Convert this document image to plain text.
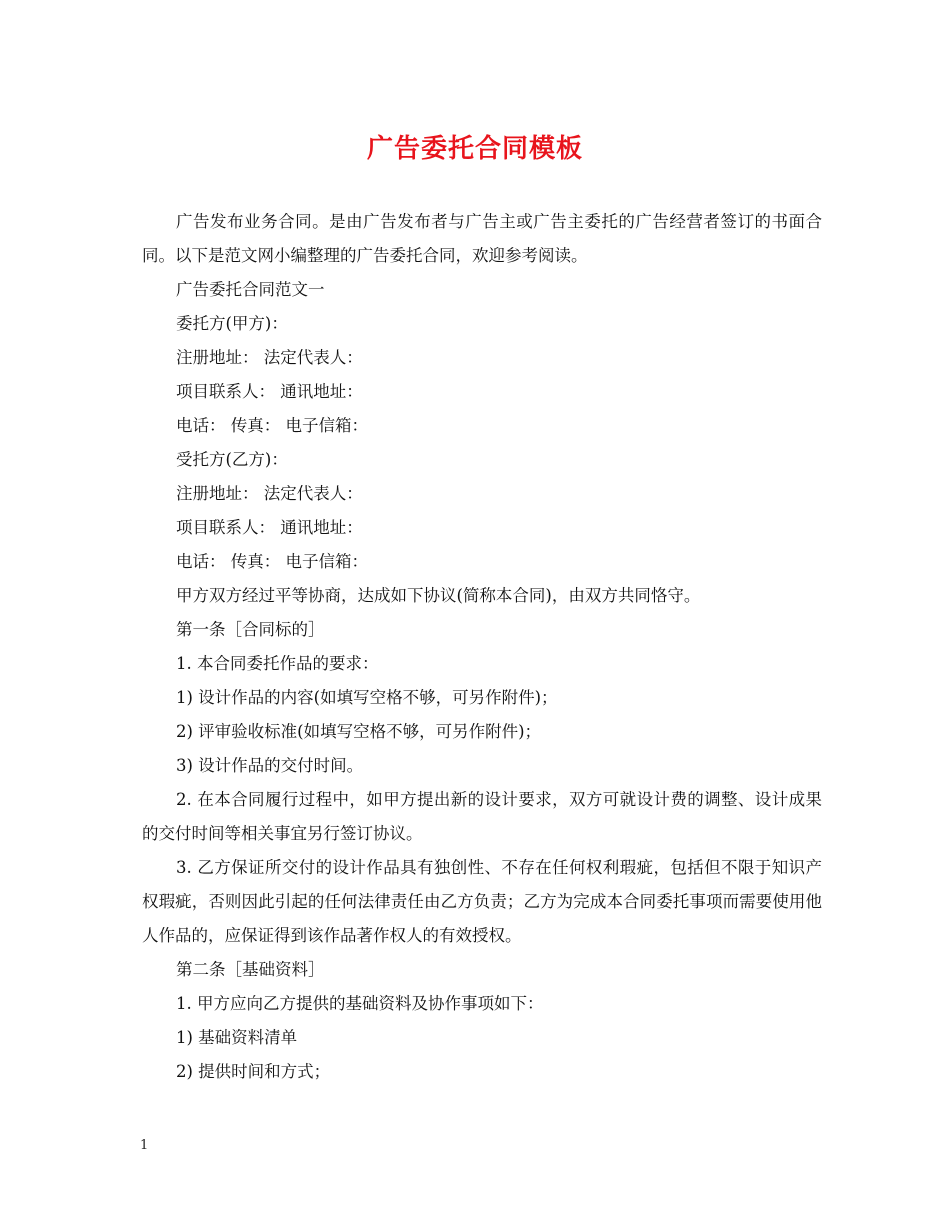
广告委托合同模板

广告发布业务合同。是由广告发布者与广告主或广告主委托的广告经营者签订的书面合同。以下是范文网小编整理的广告委托合同，欢迎参考阅读。

广告委托合同范文一

委托方(甲方)：

注册地址： 法定代表人：

项目联系人： 通讯地址：

电话： 传真： 电子信箱：

受托方(乙方)：

注册地址： 法定代表人：

项目联系人： 通讯地址：

电话： 传真： 电子信箱：

甲方双方经过平等协商，达成如下协议(简称本合同)，由双方共同恪守。

第一条［合同标的］

1. 本合同委托作品的要求：

1) 设计作品的内容(如填写空格不够，可另作附件)；

2) 评审验收标准(如填写空格不够，可另作附件)；

3) 设计作品的交付时间。

2. 在本合同履行过程中，如甲方提出新的设计要求，双方可就设计费的调整、设计成果的交付时间等相关事宜另行签订协议。

3. 乙方保证所交付的设计作品具有独创性、不存在任何权利瑕疵，包括但不限于知识产权瑕疵，否则因此引起的任何法律责任由乙方负责；乙方为完成本合同委托事项而需要使用他人作品的，应保证得到该作品著作权人的有效授权。

第二条［基础资料］

1. 甲方应向乙方提供的基础资料及协作事项如下：

1) 基础资料清单

2) 提供时间和方式；

1
